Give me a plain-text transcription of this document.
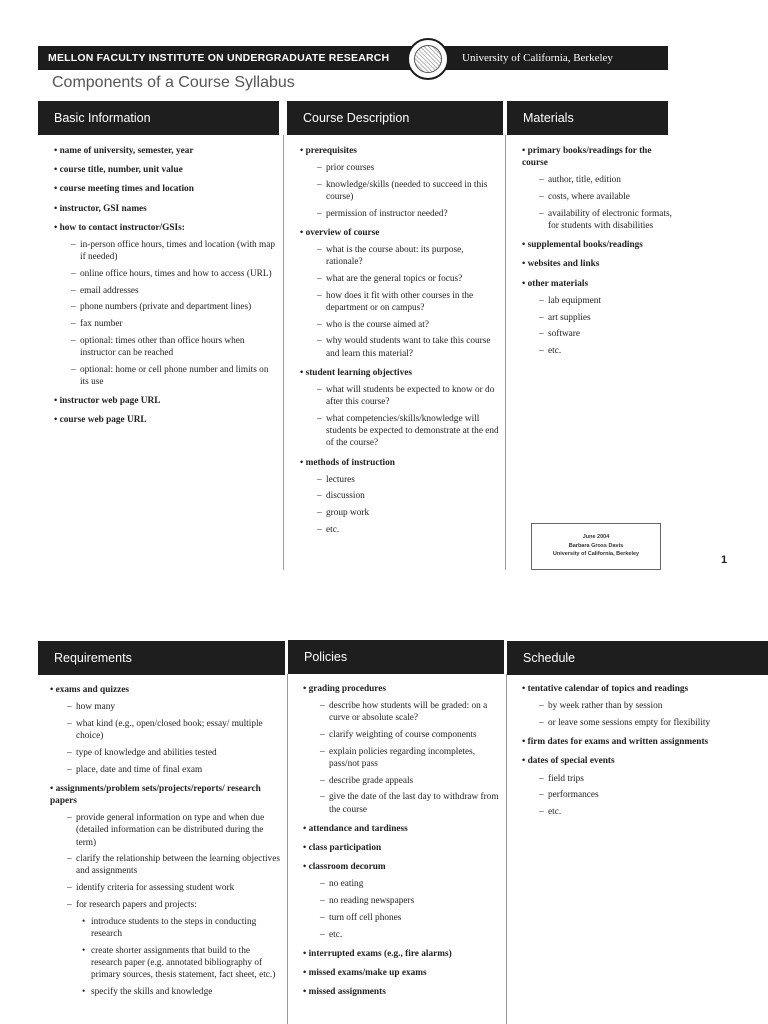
MELLON FACULTY INSTITUTE ON UNDERGRADUATE RESEARCH	University of California, Berkeley
Components of a Course Syllabus
Basic Information	Course Description	Materials
• name of university, semester, year
• course title, number, unit value
• course meeting times and location
• instructor, GSI names
• how to contact instructor/GSIs:
– in-person office hours, times and location (with map if needed)
– online office hours, times and how to access (URL)
– email addresses
– phone numbers (private and department lines)
– fax number
– optional: times other than office hours when instructor can be reached
– optional: home or cell phone number and limits on its use
• instructor web page URL
• course web page URL
• prerequisites
– prior courses
– knowledge/skills (needed to succeed in this course)
– permission of instructor needed?
• overview of course
– what is the course about: its purpose, rationale?
– what are the general topics or focus?
– how does it fit with other courses in the department or on campus?
– who is the course aimed at?
– why would students want to take this course and learn this material?
• student learning objectives
– what will students be expected to know or do after this course?
– what competencies/skills/knowledge will students be expected to demonstrate at the end of the course?
• methods of instruction
– lectures
– discussion
– group work
– etc.
• primary books/readings for the course
– author, title, edition
– costs, where available
– availability of electronic formats, for students with disabilities
• supplemental books/readings
• websites and links
• other materials
– lab equipment
– art supplies
– software
– etc.
June 2004
Barbara Gross Davis
University of California, Berkeley	1
Requirements	Policies	Schedule
• exams and quizzes
– how many
– what kind (e.g., open/closed book; essay/ multiple choice)
– type of knowledge and abilities tested
– place, date and time of final exam
• assignments/problem sets/projects/reports/ research papers
– provide general information on type and when due (detailed information can be distributed during the term)
– clarify the relationship between the learning objectives and assignments
– identify criteria for assessing student work
– for research papers and projects:
• introduce students to the steps in conducting research
• create shorter assignments that build to the research paper (e.g. annotated bibliography of primary sources, thesis statement, fact sheet, etc.)
• specify the skills and knowledge
• grading procedures
– describe how students will be graded: on a curve or absolute scale?
– clarify weighting of course components
– explain policies regarding incompletes, pass/not pass
– describe grade appeals
– give the date of the last day to withdraw from the course
• attendance and tardiness
• class participation
• classroom decorum
– no eating
– no reading newspapers
– turn off cell phones
– etc.
• interrupted exams (e.g., fire alarms)
• missed exams/make up exams
• missed assignments
• tentative calendar of topics and readings
– by week rather than by session
– or leave some sessions empty for flexibility
• firm dates for exams and written assignments
• dates of special events
– field trips
– performances
– etc.
